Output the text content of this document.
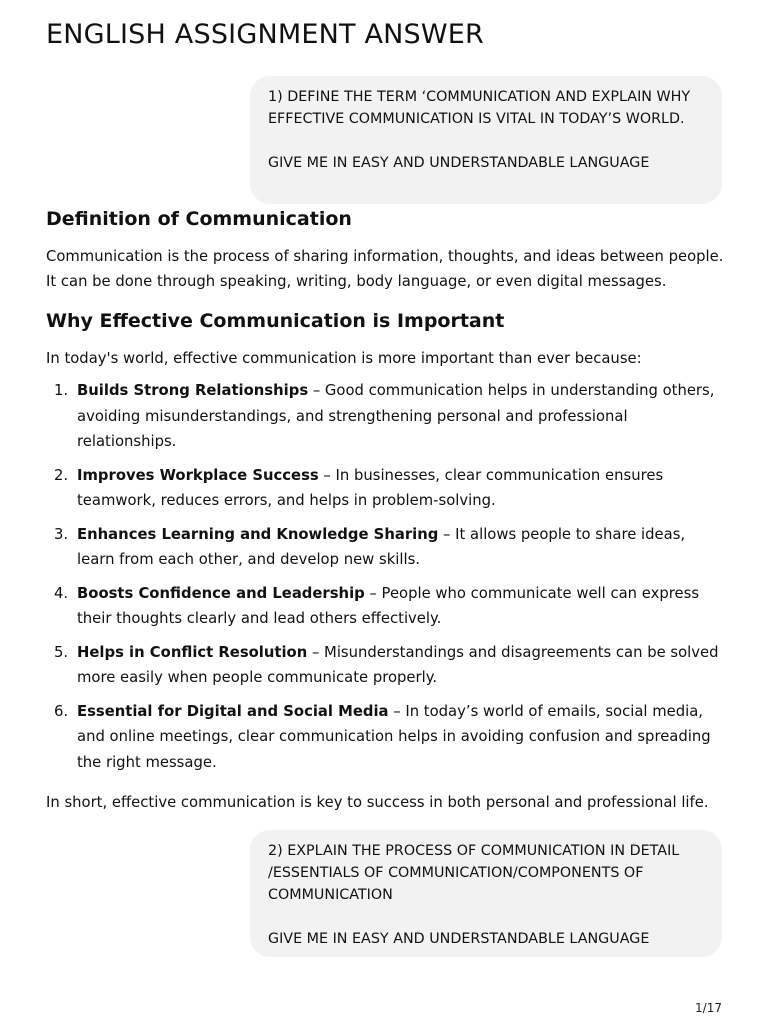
ENGLISH ASSIGNMENT ANSWER

1) DEFINE THE TERM ‘COMMUNICATION AND EXPLAIN WHY

EFFECTIVE COMMUNICATION IS VITAL IN TODAY’S WORLD.

GIVE ME IN EASY AND UNDERSTANDABLE LANGUAGE

Definition of Communication

Communication is the process of sharing information, thoughts, and ideas between people. It can be done through speaking, writing, body language, or even digital messages.

Why Effective Communication is Important

In today's world, effective communication is more important than ever because:

1. Builds Strong Relationships – Good communication helps in understanding others, avoiding misunderstandings, and strengthening personal and professional relationships.
2. Improves Workplace Success – In businesses, clear communication ensures teamwork, reduces errors, and helps in problem-solving.
3. Enhances Learning and Knowledge Sharing – It allows people to share ideas, learn from each other, and develop new skills.
4. Boosts Confidence and Leadership – People who communicate well can express their thoughts clearly and lead others effectively.
5. Helps in Conflict Resolution – Misunderstandings and disagreements can be solved more easily when people communicate properly.
6. Essential for Digital and Social Media – In today’s world of emails, social media, and online meetings, clear communication helps in avoiding confusion and spreading the right message.

In short, effective communication is key to success in both personal and professional life.

2) EXPLAIN THE PROCESS OF COMMUNICATION IN DETAIL

/ESSENTIALS OF COMMUNICATION/COMPONENTS OF

COMMUNICATION

GIVE ME IN EASY AND UNDERSTANDABLE LANGUAGE

1/17
